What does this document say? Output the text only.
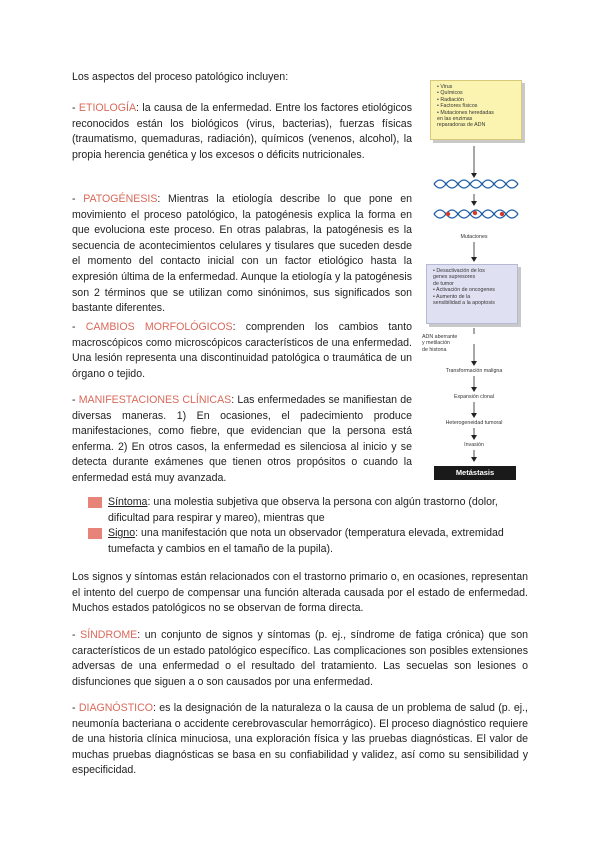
Los aspectos del proceso patológico incluyen:

- ETIOLOGÍA: la causa de la enfermedad. Entre los factores etiológicos reconocidos están los biológicos (virus, bacterias), fuerzas físicas (traumatismo, quemaduras, radiación), químicos (venenos, alcohol), la propia herencia genética y los excesos o déficits nutricionales.

- PATOGÉNESIS: Mientras la etiología describe lo que pone en movimiento el proceso patológico, la patogénesis explica la forma en que evoluciona este proceso. En otras palabras, la patogénesis es la secuencia de acontecimientos celulares y tisulares que suceden desde el momento del contacto inicial con un factor etiológico hasta la expresión última de la enfermedad. Aunque la etiología y la patogénesis son 2 términos que se utilizan como sinónimos, sus significados son bastante diferentes.

- CAMBIOS MORFOLÓGICOS: comprenden los cambios tanto macroscópicos como microscópicos característicos de una enfermedad. Una lesión representa una discontinuidad patológica o traumática de un órgano o tejido.

- MANIFESTACIONES CLÍNICAS: Las enfermedades se manifiestan de diversas maneras. 1) En ocasiones, el padecimiento produce manifestaciones, como fiebre, que evidencian que la persona está enferma. 2) En otros casos, la enfermedad es silenciosa al inicio y se detecta durante exámenes que tienen otros propósitos o cuando la enfermedad está muy avanzada.

Síntoma: una molestia subjetiva que observa la persona con algún trastorno (dolor, dificultad para respirar y mareo), mientras que
Signo: una manifestación que nota un observador (temperatura elevada, extremidad tumefacta y cambios en el tamaño de la pupila).

Los signos y síntomas están relacionados con el trastorno primario o, en ocasiones, representan el intento del cuerpo de compensar una función alterada causada por el estado de enfermedad. Muchos estados patológicos no se observan de forma directa.

- SÍNDROME: un conjunto de signos y síntomas (p. ej., síndrome de fatiga crónica) que son característicos de un estado patológico específico. Las complicaciones son posibles extensiones adversas de una enfermedad o el resultado del tratamiento. Las secuelas son lesiones o disfunciones que siguen a o son causados por una enfermedad.

- DIAGNÓSTICO: es la designación de la naturaleza o la causa de un problema de salud (p. ej., neumonía bacteriana o accidente cerebrovascular hemorrágico). El proceso diagnóstico requiere de una historia clínica minuciosa, una exploración física y las pruebas diagnósticas. El valor de muchas pruebas diagnósticas se basa en su confiabilidad y validez, así como su sensibilidad y especificidad.

• Virus
• Químicos
• Radiación
• Factores físicos
• Mutaciones heredadas
en las enzimas
reparadoras de ADN
Mutaciones
• Desactivación de los
genes supresores
de tumor
• Activación de oncogenes
• Aumento de la
sensibilidad a la apoptosis
ADN aberrante
y metilación
de histona
Transformación maligna
Expansión clonal
Heterogeneidad tumoral
Invasión
Metástasis
